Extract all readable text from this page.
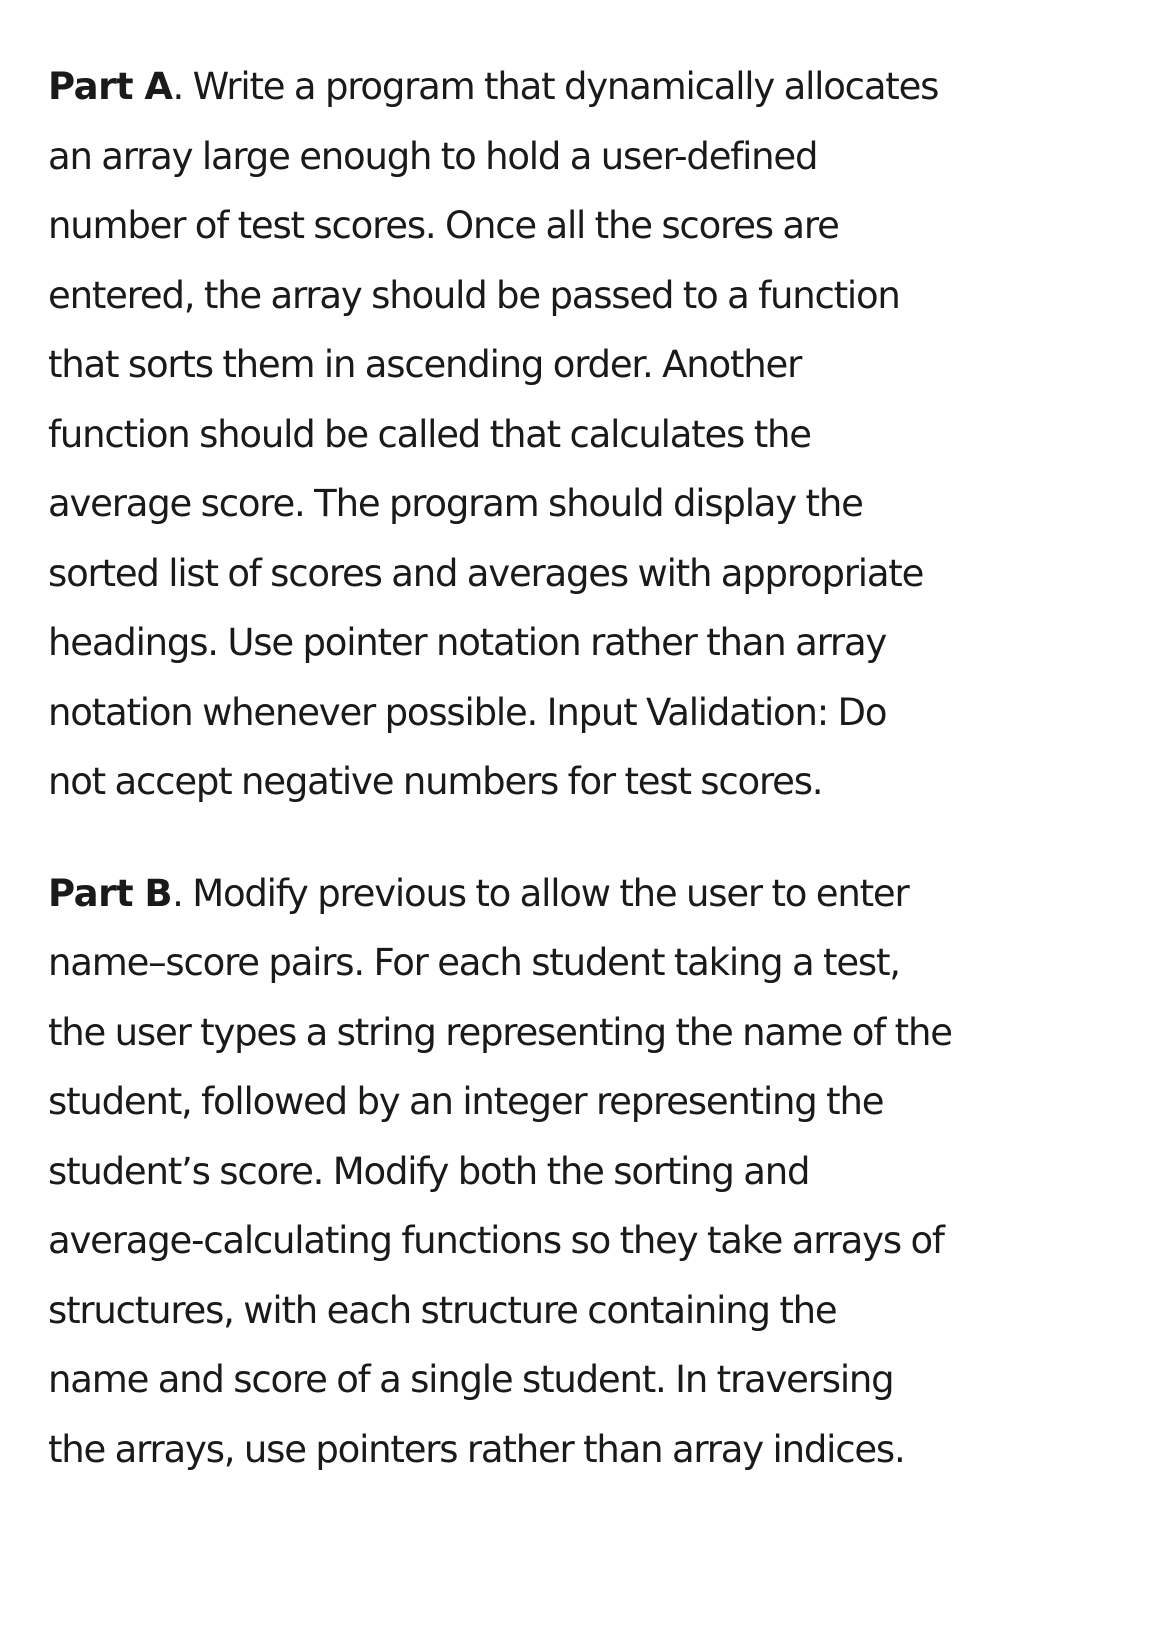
Part A. Write a program that dynamically allocates
an array large enough to hold a user-defined
number of test scores. Once all the scores are
entered, the array should be passed to a function
that sorts them in ascending order. Another
function should be called that calculates the
average score. The program should display the
sorted list of scores and averages with appropriate
headings. Use pointer notation rather than array
notation whenever possible. Input Validation: Do
not accept negative numbers for test scores.
Part B. Modify previous to allow the user to enter
name–score pairs. For each student taking a test,
the user types a string representing the name of the
student, followed by an integer representing the
student’s score. Modify both the sorting and
average-calculating functions so they take arrays of
structures, with each structure containing the
name and score of a single student. In traversing
the arrays, use pointers rather than array indices.
